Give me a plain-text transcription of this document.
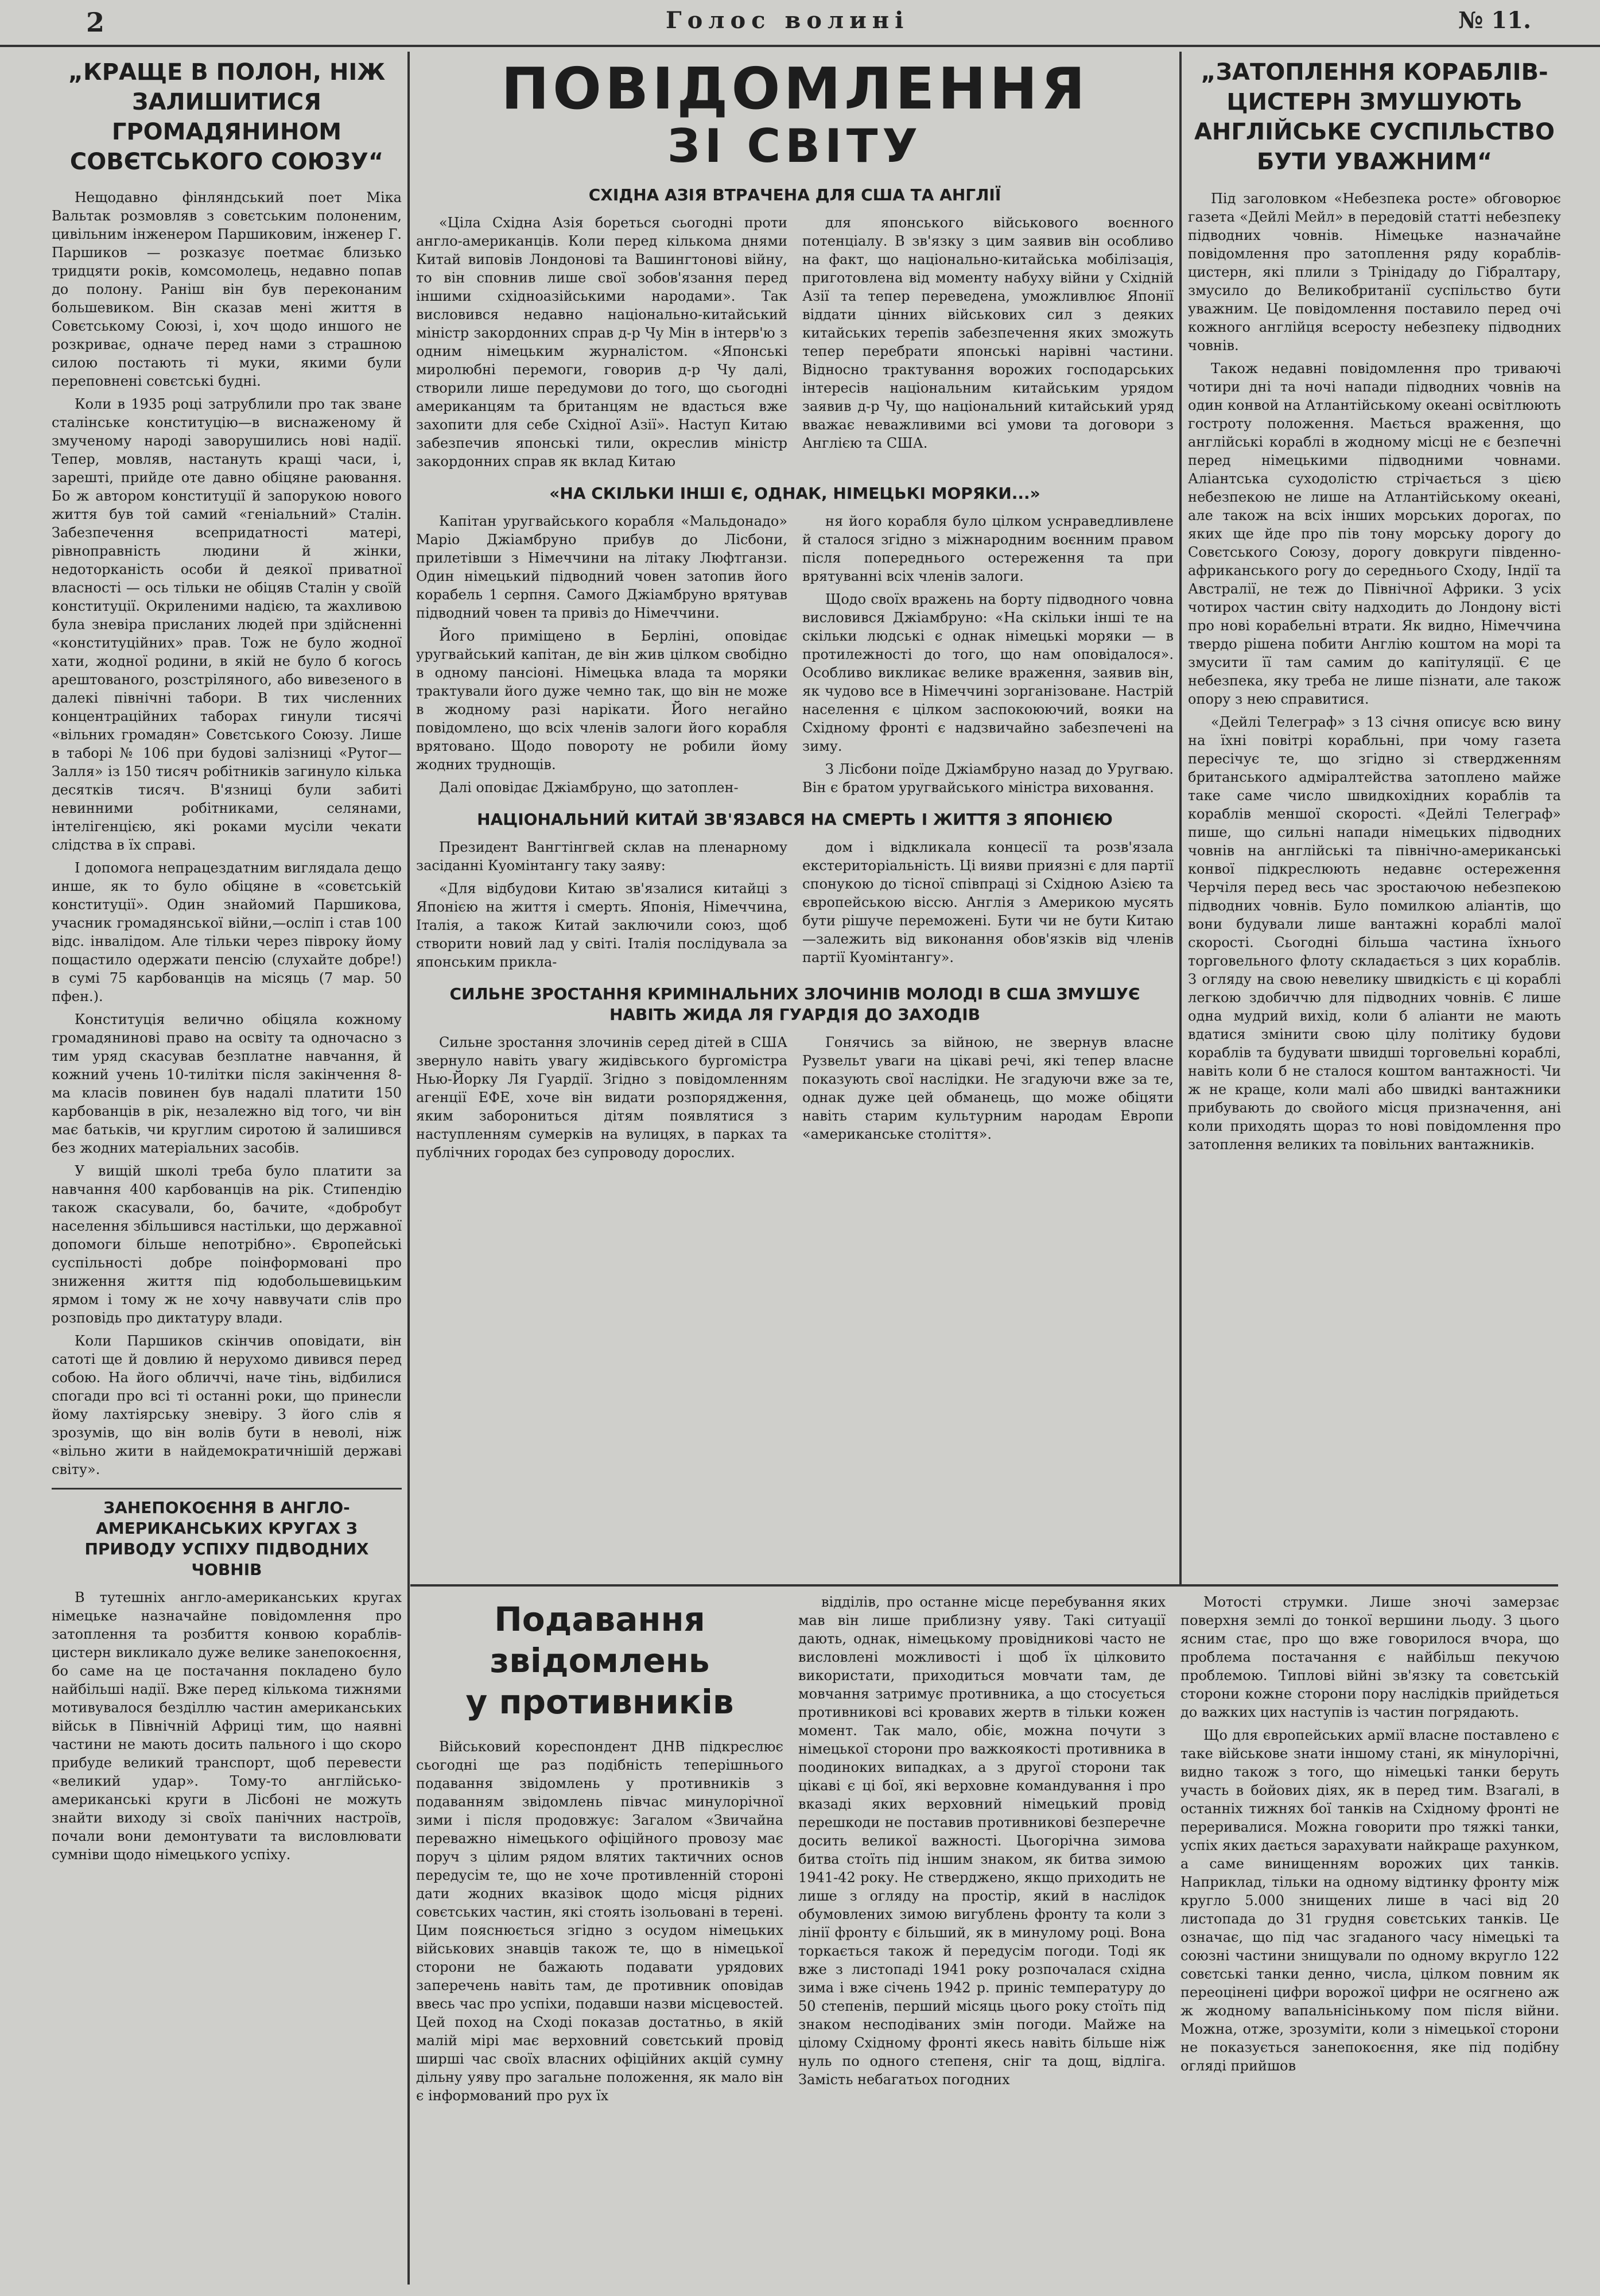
2	Голос волині	№ 11.
„КРАЩЕ В ПОЛОН, НІЖ ЗАЛИШИТИСЯ ГРОМАДЯНИНОМ СОВЄТСЬКОГО СОЮЗУ“

Нещодавно фінляндський поет Міка Вальтак розмовляв з совєтським полоненим, цивільним інженером Паршиковим, інженер Г. Паршиков — розказує поетмає близько тридцяти років, комсомолець, недавно попав до полону. Раніш він був переконаним большевиком. Він сказав мені життя в Совєтському Союзі, і, хоч щодо иншого не розкриває, одначе перед нами з страшною силою постають ті муки, якими були переповнені совєтські будні.

Коли в 1935 році затрублили про так зване сталінське конституцію—в виснаженому й змученому народі заворушились нові надії. Тепер, мовляв, настануть кращі часи, і, зарешті, прийде оте давно обіцяне раювання. Бо ж автором конституції й запорукою нового життя був той самий «геніальний» Сталін. Забезпечення всепридатності матері, рівноправність людини й жінки, недоторканість особи й деякої приватної власності — ось тільки не обіцяв Сталін у своїй конституції. Окриленими надією, та жахливою була зневіра присланих людей при здійсненні «конституційних» прав. Тож не було жодної хати, жодної родини, в якій не було б когось арештованого, розстріляного, або вивезеного в далекі північні табори. В тих численних концентраційних таборах гинули тисячі «вільних громадян» Совєтського Союзу. Лише в таборі № 106 при будові залізниці «Рутог—Залля» із 150 тисяч робітників загинуло кілька десятків тисяч. В'язниці були забиті невинними робітниками, селянами, інтелігенцією, які роками мусіли чекати слідства в їх справі.

І допомога непрацездатним виглядала дещо инше, як то було обіцяне в «совєтській конституції». Один знайомий Паршикова, учасник громадянської війни,—осліп і став 100 відс. інвалідом. Але тільки через півроку йому пощастило одержати пенсію (слухайте добре!) в сумі 75 карбованців на місяць (7 мар. 50 пфен.).

Конституція велично обіцяла кожному громадянинові право на освіту та одночасно з тим уряд скасував безплатне навчання, й кожний учень 10-тилітки після закінчення 8-ма класів повинен був надалі платити 150 карбованців в рік, незалежно від того, чи він має батьків, чи круглим сиротою й залишився без жодних матеріальних засобів.

У вищій школі треба було платити за навчання 400 карбованців на рік. Стипендію також скасували, бо, бачите, «добробут населення збільшився настільки, що державної допомоги більше непотрібно». Європейські суспільності добре поінформовані про зниження життя під юдобольшевицьким ярмом і тому ж не хочу наввучати слів про розповідь про диктатуру влади.

Коли Паршиков скінчив оповідати, він сатоті ще й довлию й нерухомо дивився перед собою. На його обличчі, наче тінь, відбилися спогади про всі ті останні роки, що принесли йому лахтіярську зневіру. З його слів я зрозумів, що він волів бути в неволі, ніж «вільно жити в найдемократичнішій державі світу».

ЗАНЕПОКОЄННЯ В АНГЛО-АМЕРИКАНСЬКИХ КРУГАХ З ПРИВОДУ УСПІХУ ПІДВОДНИХ ЧОВНІВ

В тутешніх англо-американських кругах німецьке назначайне повідомлення про затоплення та розбиття конвою кораблів-цистерн викликало дуже велике занепокоєння, бо саме на це постачання покладено було найбільші надії. Вже перед кількома тижнями мотивувалося безділлю частин американських військ в Північній Африці тим, що наявні частини не мають досить пального і що скоро прибуде великий транспорт, щоб перевести «великий удар». Тому-то англійсько-американські круги в Лісбоні не можуть знайти виходу зі своїх панічних настроїв, почали вони демонтувати та висловлювати сумніви щодо німецького успіху.

ПОВІДОМЛЕННЯ
ЗІ СВІТУ
СХІДНА АЗІЯ ВТРАЧЕНА ДЛЯ США ТА АНГЛІЇ

«Ціла Східна Азія бореться сьогодні проти англо-американців. Коли перед кількома днями Китай виповів Лондонові та Вашингтонові війну, то він сповнив лише свої зобов'язання перед іншими східноазійськими народами». Так висловився недавно національно-китайський міністр закордонних справ д-р Чу Мін в інтерв'ю з одним німецьким журналістом. «Японські миролюбні перемоги, говорив д-р Чу далі, створили лише передумови до того, що сьогодні американцям та британцям не вдасться вже захопити для себе Східної Азії». Наступ Китаю забезпечив японські тили, окреслив міністр закордонних справ як вклад Китаю

для японського військового воєнного потенціалу. В зв'язку з цим заявив він особливо на факт, що національно-китайська мобілізація, приготовлена від моменту набуху війни у Східній Азії та тепер переведена, уможливлює Японії віддати цінних військових сил з деяких китайських терепів забезпечення яких зможуть тепер перебрати японські нарівні частини. Відносно трактування ворожих господарських інтересів національним китайським урядом заявив д-р Чу, що національний китайський уряд вважає неважливими всі умови та договори з Англією та США.

«НА СКІЛЬКИ ІНШІ Є, ОДНАК, НІМЕЦЬКІ МОРЯКИ...»

Капітан уругвайського корабля «Мальдонадо» Маріо Джіамбруно прибув до Лісбони, прилетівши з Німеччини на літаку Люфтганзи. Один німецький підводний човен затопив його корабель 1 серпня. Самого Джіамбруно врятував підводний човен та привіз до Німеччини.

Його приміщено в Берліні, оповідає уругвайський капітан, де він жив цілком свобідно в одному пансіоні. Німецька влада та моряки трактували його дуже чемно так, що він не може в жодному разі нарікати. Його негайно повідомлено, що всіх членів залоги його корабля врятовано. Щодо повороту не робили йому жодних труднощів.

Далі оповідає Джіамбруно, що затоплен-

ня його корабля було цілком уснраведливлене й сталося згідно з міжнародним воєнним правом після попереднього остереження та при врятуванні всіх членів залоги.

Щодо своїх вражень на борту підводного човна висловився Джіамбруно: «На скільки інші те на скільки людські є однак німецькі моряки — в протилежності до того, що нам оповідалося». Особливо викликає велике враження, заявив він, як чудово все в Німеччині зорганізоване. Настрій населення є цілком заспокоюючий, вояки на Східному фронті є надзвичайно забезпечені на зиму.

З Лісбони поїде Джіамбруно назад до Уругваю. Він є братом уругвайського міністра виховання.

НАЦІОНАЛЬНИЙ КИТАЙ ЗВ'ЯЗАВСЯ НА СМЕРТЬ І ЖИТТЯ З ЯПОНІЄЮ

Президент Вангтінгвей склав на пленарному засіданні Куомінтангу таку заяву:

«Для відбудови Китаю зв'язалися китайці з Японією на життя і смерть. Японія, Німеччина, Італія, а також Китай заключили союз, щоб створити новий лад у світі. Італія послідувала за японським приклa-

дом і відкликала концесії та розв'язала екстериторіальність. Ці вияви приязні є для партії спонукою до тісної співпраці зі Східною Азією та європейською віссю. Англія з Америкою мусять бути рішуче переможені. Бути чи не бути Китаю—залежить від виконання обов'язків від членів партії Куомінтангу».

СИЛЬНЕ ЗРОСТАННЯ КРИМІНАЛЬНИХ ЗЛОЧИНІВ МОЛОДІ В США ЗМУШУЄ НАВІТЬ ЖИДА ЛЯ ГУАРДІЯ ДО ЗАХОДІВ

Сильне зростання злочинів серед дітей в США звернуло навіть увагу жидівського бургомістра Нью-Йорку Ля Гуардії. Згідно з повідомленням агенції ЕФЕ, хоче він видати розпорядження, яким заборониться дітям появлятися з наступленням сумерків на вулицях, в парках та публічних городах без супроводу дорослих.

Гонячись за війною, не звернув власне Рузвельт уваги на цікаві речі, які тепер власне показують свої наслідки. Не згадуючи вже за те, однак дуже цей обманець, що може обіцяти навіть старим культурним народам Европи «американське століття».

„ЗАТОПЛЕННЯ КОРАБЛІВ-ЦИСТЕРН ЗМУШУЮТЬ АНГЛІЙСЬКЕ СУСПІЛЬСТВО БУТИ УВАЖНИМ“

Під заголовком «Небезпека росте» обговорює газета «Дейлі Мейл» в передовій статті небезпеку підводних човнів. Німецьке назначайне повідомлення про затоплення ряду кораблів-цистерн, які плили з Трінідаду до Гібралтару, змусило до Великобританії суспільство бути уважним. Це повідомлення поставило перед очі кожного англійця всеросту небезпеку підводних човнів.

Також недавні повідомлення про триваючі чотири дні та ночі напади підводних човнів на один конвой на Атлантійському океані освітлюють гостроту положення. Мається враження, що англійські кораблі в жодному місці не є безпечні перед німецькими підводними човнами. Аліантська суходолістю стрічається з цією небезпекою не лише на Атлантійському океані, але також на всіх інших морських дорогах, по яких ще йде про пів тону морську дорогу до Совєтського Союзу, дорогу довкруги південно-африканського рогу до середнього Сходу, Індії та Австралії, не теж до Північної Африки. З усіх чотирох частин світу надходить до Лондону вісті про нові корабельні втрати. Як видно, Німеччина твердо рішена побити Англію коштом на морі та змусити її там самим до капітуляції. Є це небезпека, яку треба не лише пізнати, але також опору з нею справитися.

«Дейлі Телеграф» з 13 січня описує всю вину на їхні повітрі корабльні, при чому газета пересічує те, що згідно зі ствердженням британського адміралтейства затоплено майже таке саме число швидкохідних кораблів та кораблів меншої скорості. «Дейлі Телеграф» пише, що сильні напади німецьких підводних човнів на англійські та північно-американські конвої підкреслюють недавнє остереження Черчіля перед весь час зростаючою небезпекою підводних човнів. Було помилкою аліантів, що вони будували лише вантажні кораблі малої скорості. Сьогодні більша частина їхнього торговельного флоту складається з цих кораблів. З огляду на свою невелику швидкість є ці кораблі легкою здобиччю для підводних човнів. Є лише одна мудрий вихід, коли б аліанти не мають вдатися змінити свою цілу політику будови кораблів та будувати швидші торговельні кораблі, навіть коли б не сталося коштом вантажності. Чи ж не краще, коли малі або швидкі вантажники прибувають до свойого місця призначення, ані коли приходять щораз то нові повідомлення про затоплення великих та повільних вантажників.

Подавання звідомлень
у противників

Військовий кореспондент ДНВ підкреслює сьогодні ще раз подібність теперішнього подавання звідомлень у противників з подаванням звідомлень півчас минулорічної зими і після продовжує: Загалом «Звичайна переважно німецького офіційного провозу має поруч з цілим рядом влятих тактичних основ передусім те, що не хоче противленній стороні дати жодних вказівок щодо місця рідних совєтських частин, які стоять ізольовані в терені. Цим пояснюється згідно з осудом німецьких військових знавців також те, що в німецької сторони не бажають подавати урядових заперечень навіть там, де противник оповідав ввесь час про успіхи, подавши назви місцевостей. Цей поход на Сході показав достатньо, в якій малій мірі має верховний совєтський провід ширші час своїх власних офіційних акцій сумну дільну уяву про загальне положення, як мало він є інформований про рух їх

відділів, про останне місце перебування яких мав він лише приблизну уяву. Такі ситуації дають, однак, німецькому провідникові часто не висловлені можливості і щоб їх цілковито використати, приходиться мовчати там, де мовчання затримує противника, а що стосується противникові всі кровавих жертв в тільки кожен момент. Так мало, обіє, можна почути з німецької сторони про важкоякості противника в поодиноких випадках, а з другої сторони так цікаві є ці бої, які верховне командування і про вказаді яких верховний німецький провід перешкоди не поставив противникові безперечне досить великої важності. Цьогорічна зимова битва стоїть під іншим знаком, як битва зимою 1941-42 року. Не стверджено, якщо приходить не лише з огляду на простір, який в наслідок обумовлених зимою вигублень фронту та коли з лінії фронту є більший, як в минулому році. Вона торкається також й передусім погоди. Тоді як вже з листопаді 1941 року розпочалася східна зима і вже січень 1942 р. приніс температуру до 50 степенів, перший місяць цього року стоїть під знаком несподіваних змін погоди. Майже на цілому Східному фронті якесь навіть більше ніж нуль по одного степеня, сніг та дощ, відліга. Замість небагатьох погодних

Мотості струмки. Лише зночі замерзає поверхня землі до тонкої вершини льоду. З цього ясним стає, про що вже говорилося вчора, що проблема постачання є найбільш пекучою проблемою. Типлові війні зв'язку та совєтській сторони кожне сторони пору наслідків прийдеться до важких цих наступів із частин погрядають.

Що для європейських армії власне поставлено є таке військове знати іншому стані, як мінулорічні, видно також з того, що німецькі танки беруть участь в бойових діях, як в перед тим. Взагалі, в останніх тижнях бої танків на Східному фронті не переривалися. Можна говорити про тяжкі танки, успіх яких дається зарахувати найкраще рахунком, а саме винищенням ворожих цих танків. Наприклад, тільки на одному відтинку фронту між кругло 5.000 знищених лише в часі від 20 листопада до 31 грудня совєтських танків. Це означає, що під час згаданого часу німецькі та союзні частини знищували по одному вкругло 122 совєтські танки денно, числа, цілком повним як переоцінені цифри ворожої цифри не осягнено аж ж жодному вапальнісінькому пом після війни. Можна, отже, зрозуміти, коли з німецької сторони не показується занепокоєння, яке під подібну огляді прийшов
